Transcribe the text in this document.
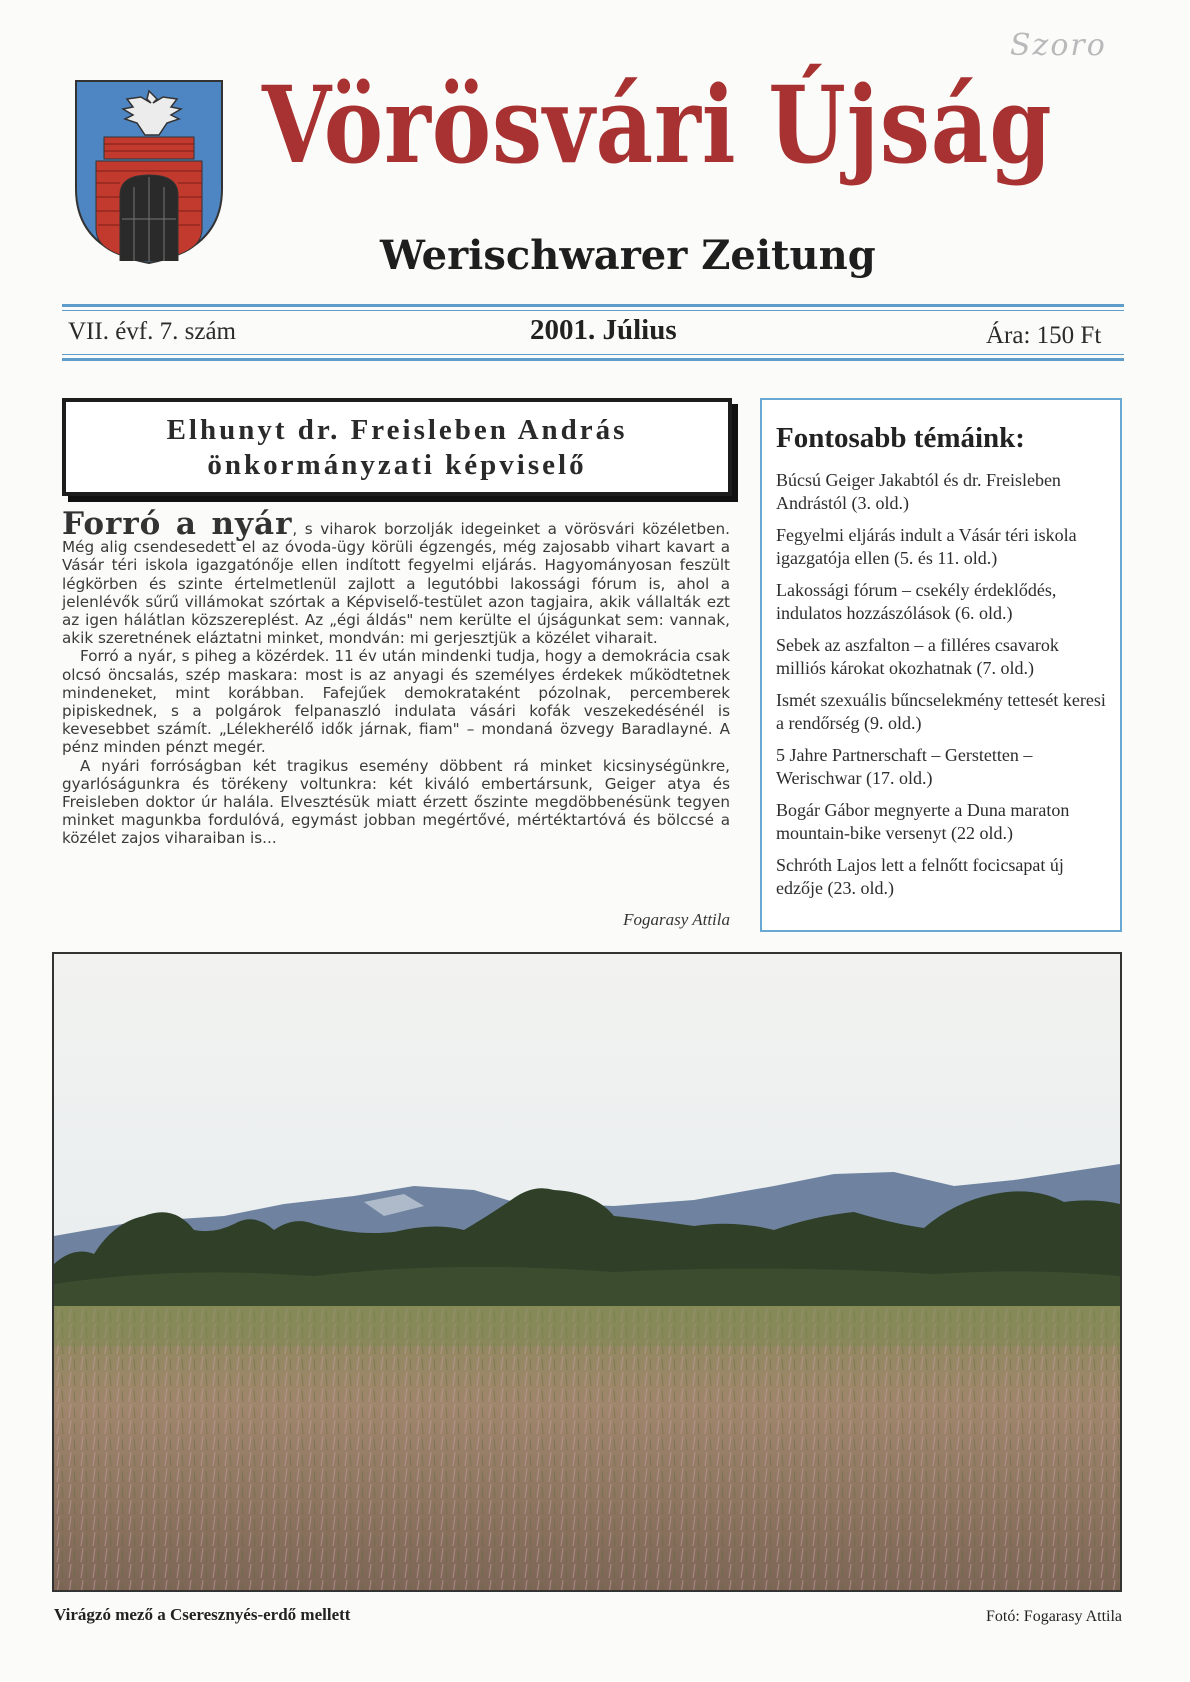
Szoro
Vörösvári Újság
Werischwarer Zeitung
VII. évf. 7. szám	2001. Július	Ára: 150 Ft
Elhunyt dr. Freisleben András
önkormányzati képviselő

Forró a nyár, s viharok borzolják idegeinket a vörösvári közéletben. Még alig csendesedett el az óvoda-ügy körüli égzengés, még zajosabb vihart kavart a Vásár téri iskola igazgatónője ellen indított fegyelmi eljárás. Hagyományosan feszült légkörben és szinte értelmetlenül zajlott a legutóbbi lakossági fórum is, ahol a jelenlévők sűrű villámokat szórtak a Képviselő-testület azon tagjaira, akik vállalták ezt az igen hálátlan közszereplést. Az „égi áldás" nem kerülte el újságunkat sem: vannak, akik szeretnének eláztatni minket, mondván: mi gerjesztjük a közélet viharait.

Forró a nyár, s piheg a közérdek. 11 év után mindenki tudja, hogy a demokrácia csak olcsó öncsalás, szép maskara: most is az anyagi és személyes érdekek működtetnek mindeneket, mint korábban. Fafejűek demokrataként pózolnak, percemberek pipiskednek, s a polgárok felpanaszló indulata vásári kofák veszekedésénél is kevesebbet számít. „Lélekherélő idők járnak, fiam" – mondaná özvegy Baradlayné. A pénz minden pénzt megér.

A nyári forróságban két tragikus esemény döbbent rá minket kicsinységünkre, gyarlóságunkra és törékeny voltunkra: két kiváló embertársunk, Geiger atya és Freisleben doktor úr halála. Elvesztésük miatt érzett őszinte megdöbbenésünk tegyen minket magunkba fordulóvá, egymást jobban megértővé, mértéktartóvá és bölccsé a közélet zajos viharaiban is...

Fogarasy Attila
Fontosabb témáink:
Búcsú Geiger Jakabtól és dr. Freisleben Andrástól (3. old.)
Fegyelmi eljárás indult a Vásár téri iskola igazgatója ellen (5. és 11. old.)
Lakossági fórum – csekély érdeklődés, indulatos hozzászólások (6. old.)
Sebek az aszfalton – a filléres csavarok milliós károkat okozhatnak (7. old.)
Ismét szexuális bűncselekmény tettesét keresi a rendőrség (9. old.)
5 Jahre Partnerschaft – Gerstetten – Werischwar (17. old.)
Bogár Gábor megnyerte a Duna maraton mountain-bike versenyt (22 old.)
Schróth Lajos lett a felnőtt focicsapat új edzője (23. old.)
Virágzó mező a Cseresznyés-erdő mellett	Fotó: Fogarasy Attila
